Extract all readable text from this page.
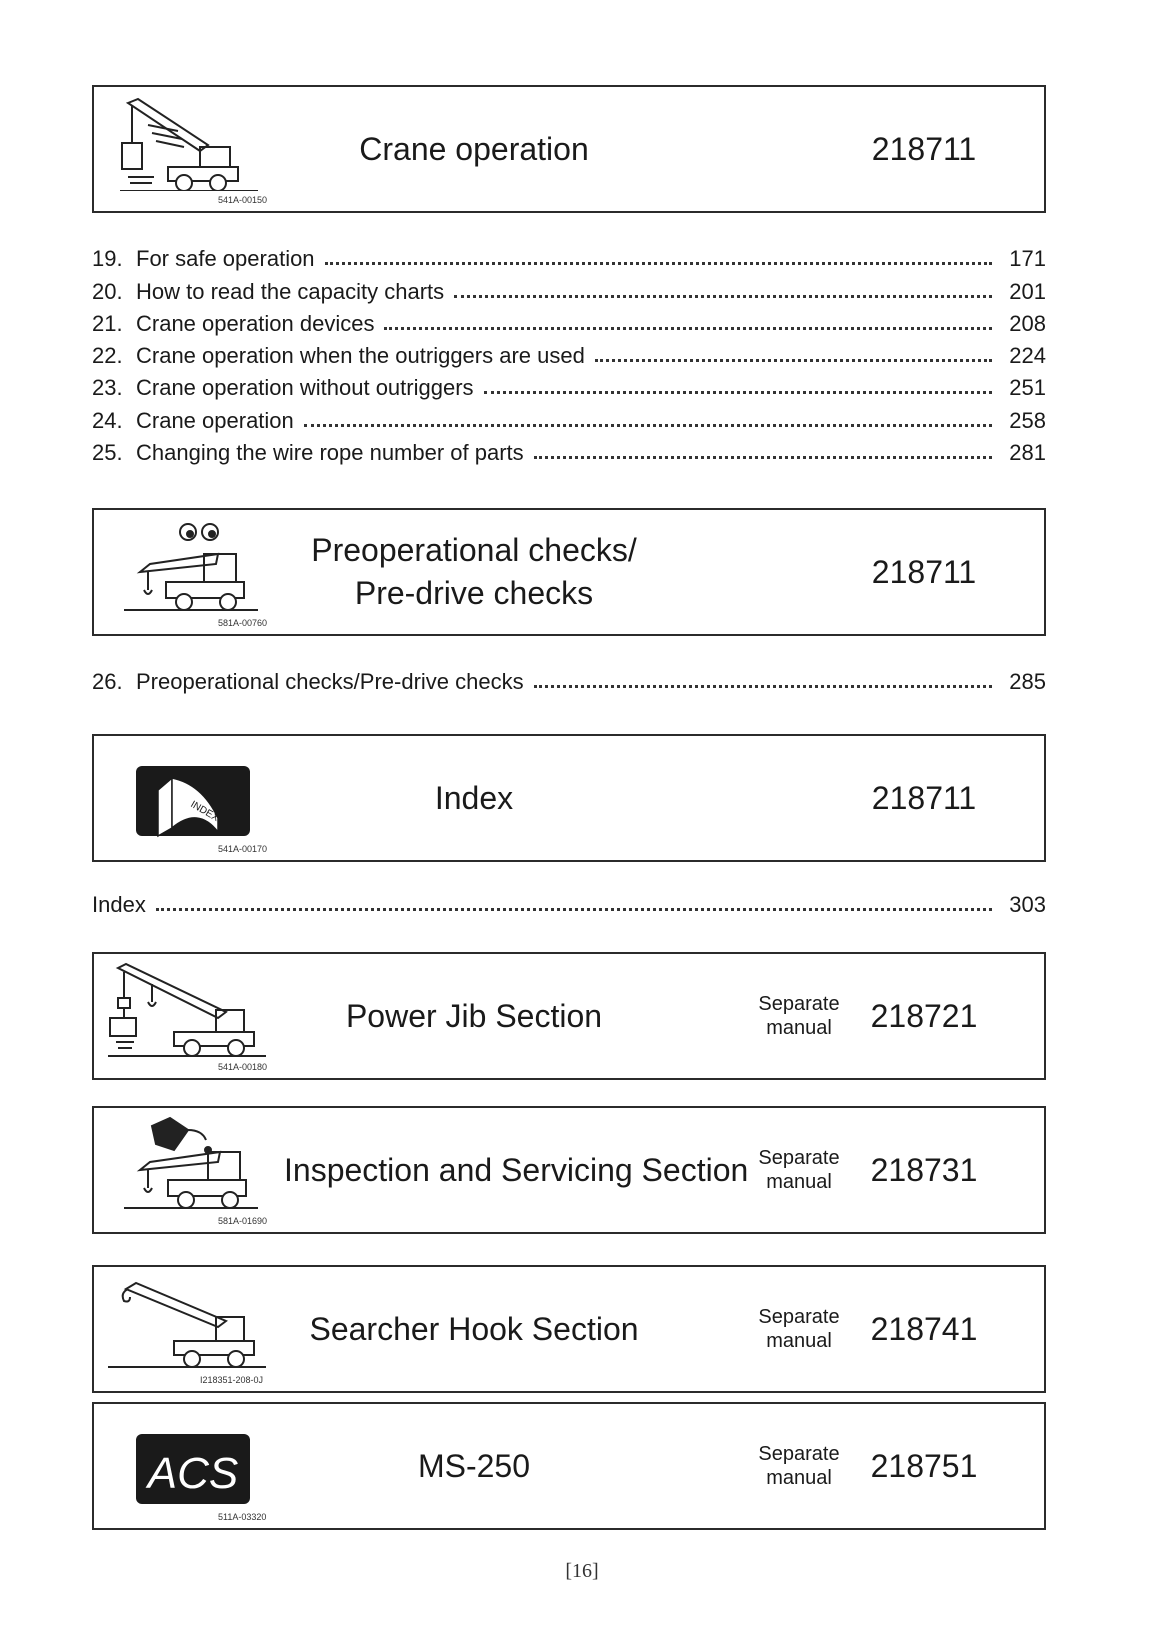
541A-00150
Crane operation	218711
19. For safe operation	171
20. How to read the capacity charts	201
21. Crane operation devices	208
22. Crane operation when the outriggers are used	224
23. Crane operation without outriggers	251
24. Crane operation	258
25. Changing the wire rope number of parts	281
581A-00760
Preoperational checks/
Pre-drive checks
218711
26. Preoperational checks/Pre-drive checks	285
INDEX
541A-00170
Index	218711
Index	303
541A-00180
Power Jib Section	Separate
manual 218721
581A-01690
Inspection and Servicing Section Separate
manual 218731
I218351-208-0J
Searcher Hook Section	Separate
manual 218741
ACS
511A-03320
MS-250	Separate
manual 218751
[16]
